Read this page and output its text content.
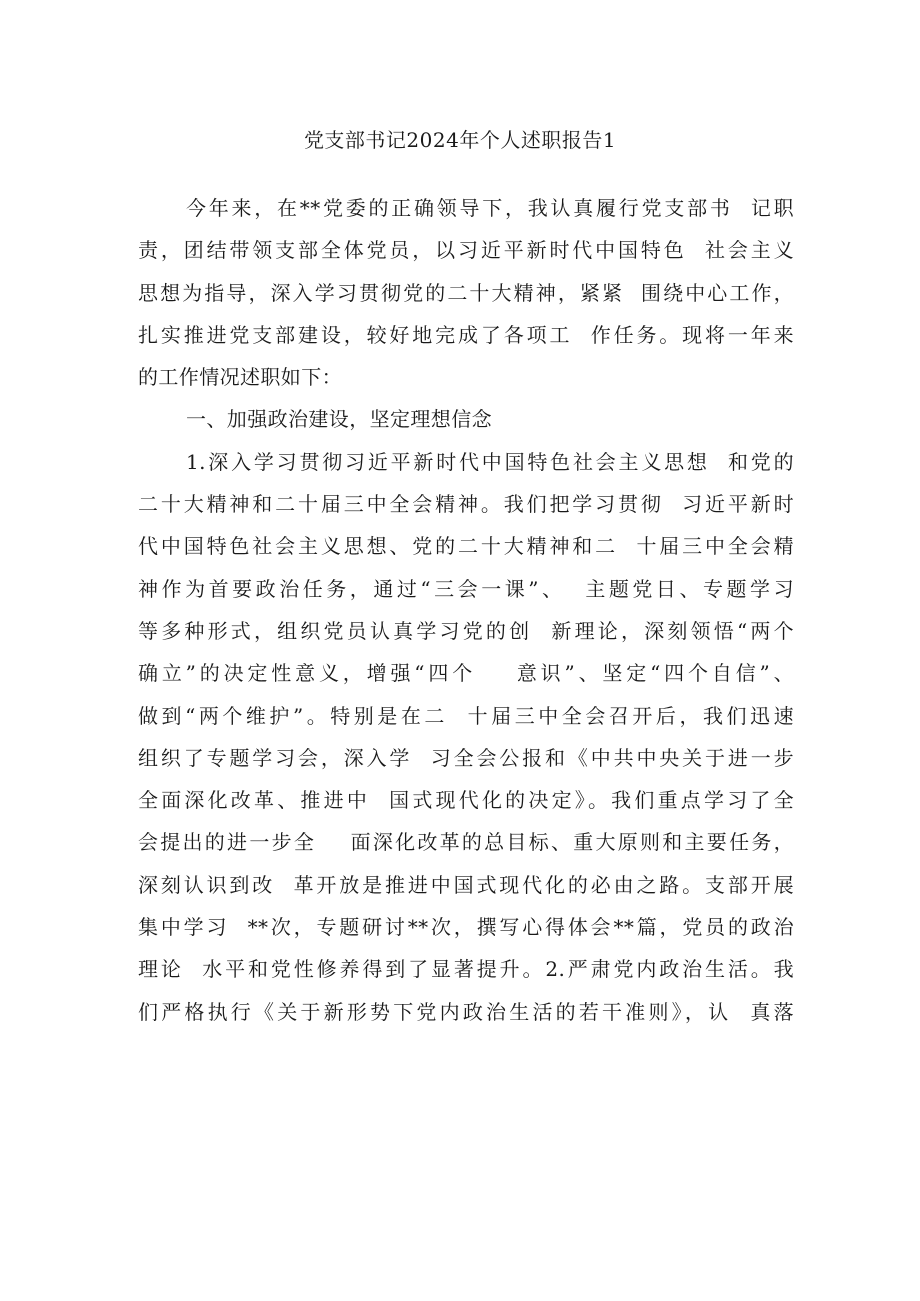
党支部书记2024年个人述职报告1
今年来，在**党委的正确领导下，我认真履行党支部书  记职
责，团结带领支部全体党员，以习近平新时代中国特色  社会主义
思想为指导，深入学习贯彻党的二十大精神，紧紧  围绕中心工作，
扎实推进党支部建设，较好地完成了各项工  作任务。现将一年来
的工作情况述职如下：
一、加强政治建设，坚定理想信念
1.深入学习贯彻习近平新时代中国特色社会主义思想  和党的
二十大精神和二十届三中全会精神。我们把学习贯彻  习近平新时
代中国特色社会主义思想、党的二十大精神和二  十届三中全会精
神作为首要政治任务，通过“三会一课”、  主题党日、专题学习
等多种形式，组织党员认真学习党的创  新理论，深刻领悟“两个
确立”的决定性意义，增强“四个    意识”、坚定“四个自信”、
做到“两个维护”。特别是在二  十届三中全会召开后，我们迅速
组织了专题学习会，深入学  习全会公报和《中共中央关于进一步
全面深化改革、推进中  国式现代化的决定》。我们重点学习了全
会提出的进一步全    面深化改革的总目标、重大原则和主要任务，
深刻认识到改  革开放是推进中国式现代化的必由之路。支部开展
集中学习  **次，专题研讨**次，撰写心得体会**篇，党员的政治
理论  水平和党性修养得到了显著提升。2.严肃党内政治生活。我
们严格执行《关于新形势下党内政治生活的若干准则》，认  真落
